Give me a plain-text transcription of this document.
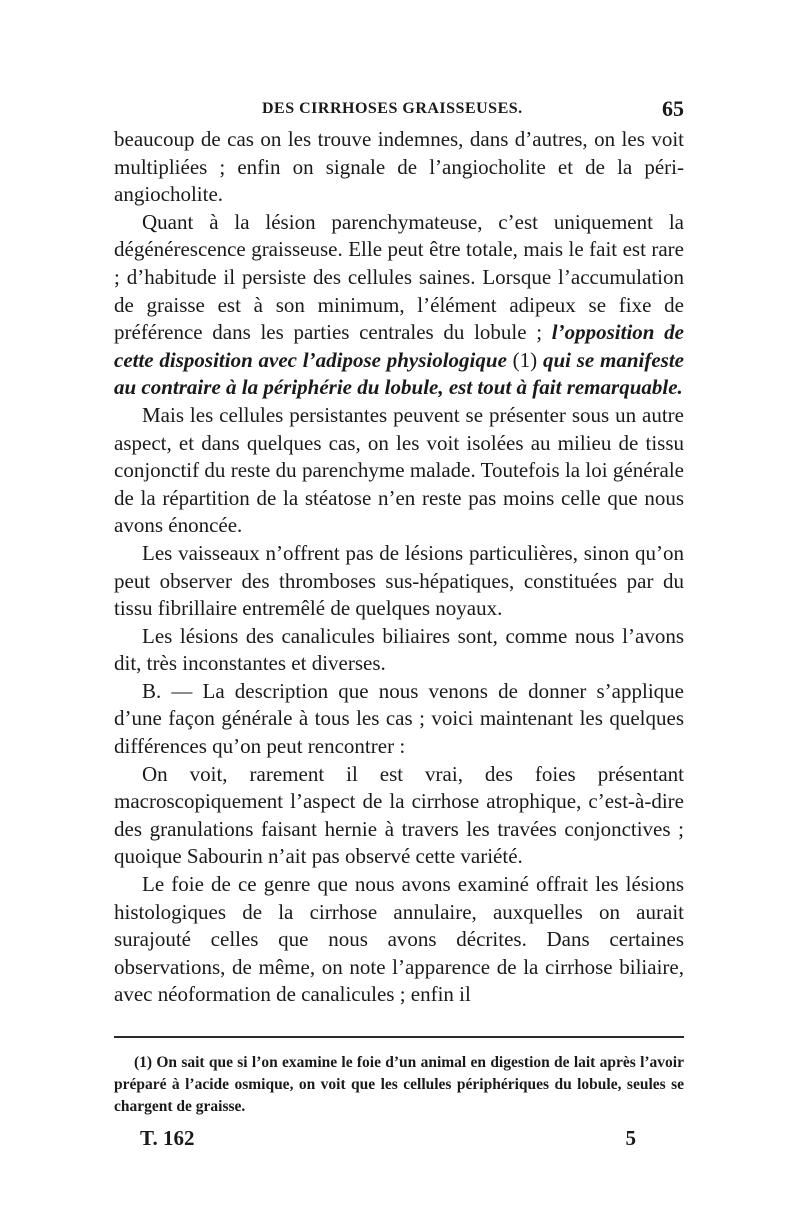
DES CIRRHOSES GRAISSEUSES.	65

beaucoup de cas on les trouve indemnes, dans d’autres, on les voit multipliées ; enfin on signale de l’angiocholite et de la péri-angiocholite.

Quant à la lésion parenchymateuse, c’est uniquement la dégénérescence graisseuse. Elle peut être totale, mais le fait est rare ; d’habitude il persiste des cellules saines. Lorsque l’accumulation de graisse est à son minimum, l’élément adipeux se fixe de préférence dans les parties centrales du lobule ; l’opposition de cette disposition avec l’adipose physiologique (1) qui se manifeste au contraire à la périphérie du lobule, est tout à fait remarquable.

Mais les cellules persistantes peuvent se présenter sous un autre aspect, et dans quelques cas, on les voit isolées au milieu de tissu conjonctif du reste du parenchyme malade. Toutefois la loi générale de la répartition de la stéatose n’en reste pas moins celle que nous avons énoncée.

Les vaisseaux n’offrent pas de lésions particulières, sinon qu’on peut observer des thromboses sus-hépatiques, constituées par du tissu fibrillaire entremêlé de quelques noyaux.

Les lésions des canalicules biliaires sont, comme nous l’avons dit, très inconstantes et diverses.

B. — La description que nous venons de donner s’applique d’une façon générale à tous les cas ; voici maintenant les quelques différences qu’on peut rencontrer :

On voit, rarement il est vrai, des foies présentant macroscopiquement l’aspect de la cirrhose atrophique, c’est-à-dire des granulations faisant hernie à travers les travées conjonctives ; quoique Sabourin n’ait pas observé cette variété.

Le foie de ce genre que nous avons examiné offrait les lésions histologiques de la cirrhose annulaire, auxquelles on aurait surajouté celles que nous avons décrites. Dans certaines observations, de même, on note l’apparence de la cirrhose biliaire, avec néoformation de canalicules ; enfin il

(1) On sait que si l’on examine le foie d’un animal en digestion de lait après l’avoir préparé à l’acide osmique, on voit que les cellules périphériques du lobule, seules se chargent de graisse.

T. 162	5
